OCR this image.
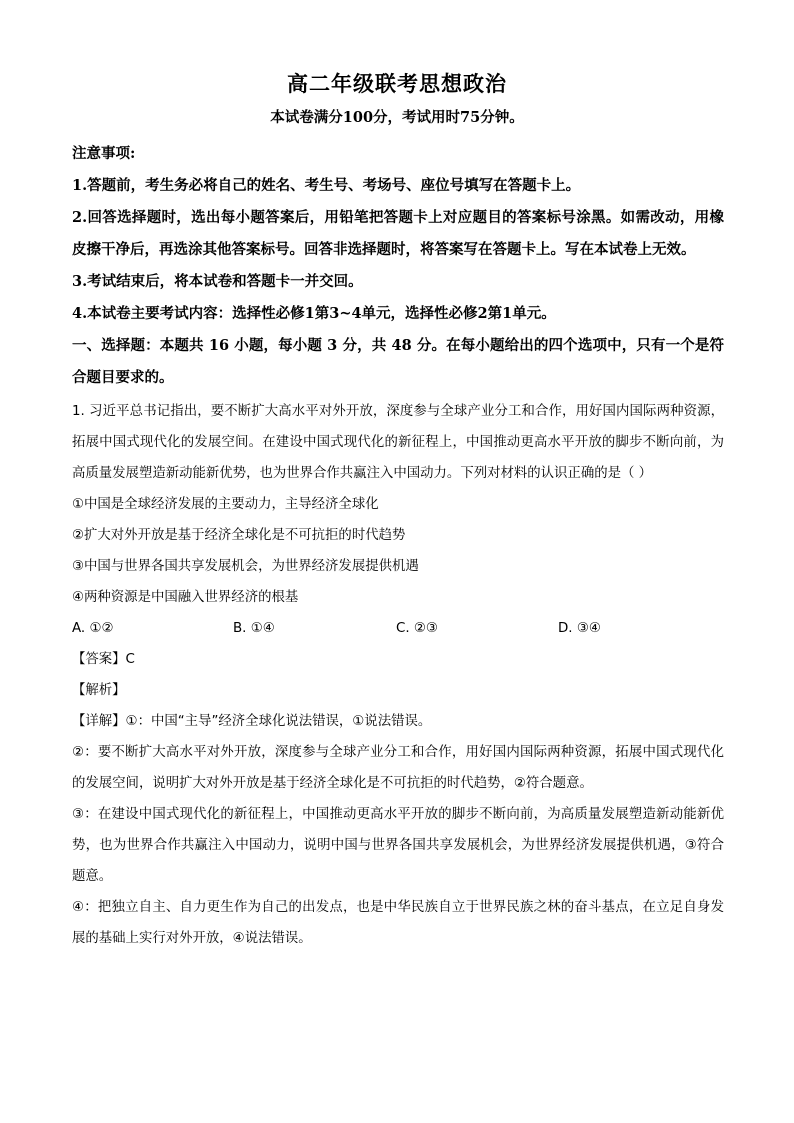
高二年级联考思想政治
本试卷满分100分，考试用时75分钟。

注意事项:

1.答题前，考生务必将自己的姓名、考生号、考场号、座位号填写在答题卡上。

2.回答选择题时，选出每小题答案后，用铅笔把答题卡上对应题目的答案标号涂黑。如需改动，用橡皮擦干净后，再选涂其他答案标号。回答非选择题时，将答案写在答题卡上。写在本试卷上无效。

3.考试结束后，将本试卷和答题卡一并交回。

4.本试卷主要考试内容：选择性必修1第3~4单元，选择性必修2第1单元。

一、选择题：本题共 16 小题，每小题 3 分，共 48 分。在每小题给出的四个选项中，只有一个是符合题目要求的。

1. 习近平总书记指出，要不断扩大高水平对外开放，深度参与全球产业分工和合作，用好国内国际两种资源，拓展中国式现代化的发展空间。在建设中国式现代化的新征程上，中国推动更高水平开放的脚步不断向前，为高质量发展塑造新动能新优势，也为世界合作共赢注入中国动力。下列对材料的认识正确的是（ ）

①中国是全球经济发展的主要动力，主导经济全球化

②扩大对外开放是基于经济全球化是不可抗拒的时代趋势

③中国与世界各国共享发展机会，为世界经济发展提供机遇

④两种资源是中国融入世界经济的根基

A. ①②	B. ①④	C. ②③	D. ③④

【答案】C

【解析】

【详解】①：中国“主导”经济全球化说法错误，①说法错误。

②：要不断扩大高水平对外开放，深度参与全球产业分工和合作，用好国内国际两种资源，拓展中国式现代化的发展空间，说明扩大对外开放是基于经济全球化是不可抗拒的时代趋势，②符合题意。

③：在建设中国式现代化的新征程上，中国推动更高水平开放的脚步不断向前，为高质量发展塑造新动能新优势，也为世界合作共赢注入中国动力，说明中国与世界各国共享发展机会，为世界经济发展提供机遇，③符合题意。

④：把独立自主、自力更生作为自己的出发点，也是中华民族自立于世界民族之林的奋斗基点，在立足自身发展的基础上实行对外开放，④说法错误。
